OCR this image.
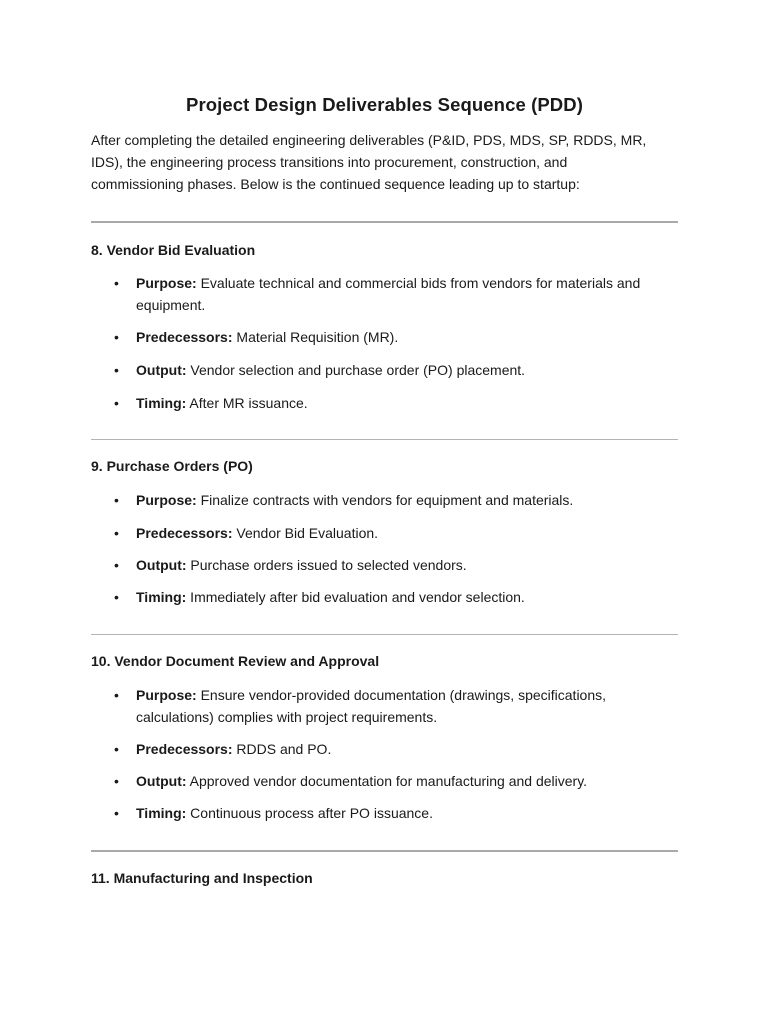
Project Design Deliverables Sequence (PDD)

After completing the detailed engineering deliverables (P&ID, PDS, MDS, SP, RDDS, MR,
IDS), the engineering process transitions into procurement, construction, and
commissioning phases. Below is the continued sequence leading up to startup:

8. Vendor Bid Evaluation
• Purpose: Evaluate technical and commercial bids from vendors for materials and equipment.
• Predecessors: Material Requisition (MR).
• Output: Vendor selection and purchase order (PO) placement.
• Timing: After MR issuance.
9. Purchase Orders (PO)
• Purpose: Finalize contracts with vendors for equipment and materials.
• Predecessors: Vendor Bid Evaluation.
• Output: Purchase orders issued to selected vendors.
• Timing: Immediately after bid evaluation and vendor selection.
10. Vendor Document Review and Approval
• Purpose: Ensure vendor-provided documentation (drawings, specifications, calculations) complies with project requirements.
• Predecessors: RDDS and PO.
• Output: Approved vendor documentation for manufacturing and delivery.
• Timing: Continuous process after PO issuance.
11. Manufacturing and Inspection
